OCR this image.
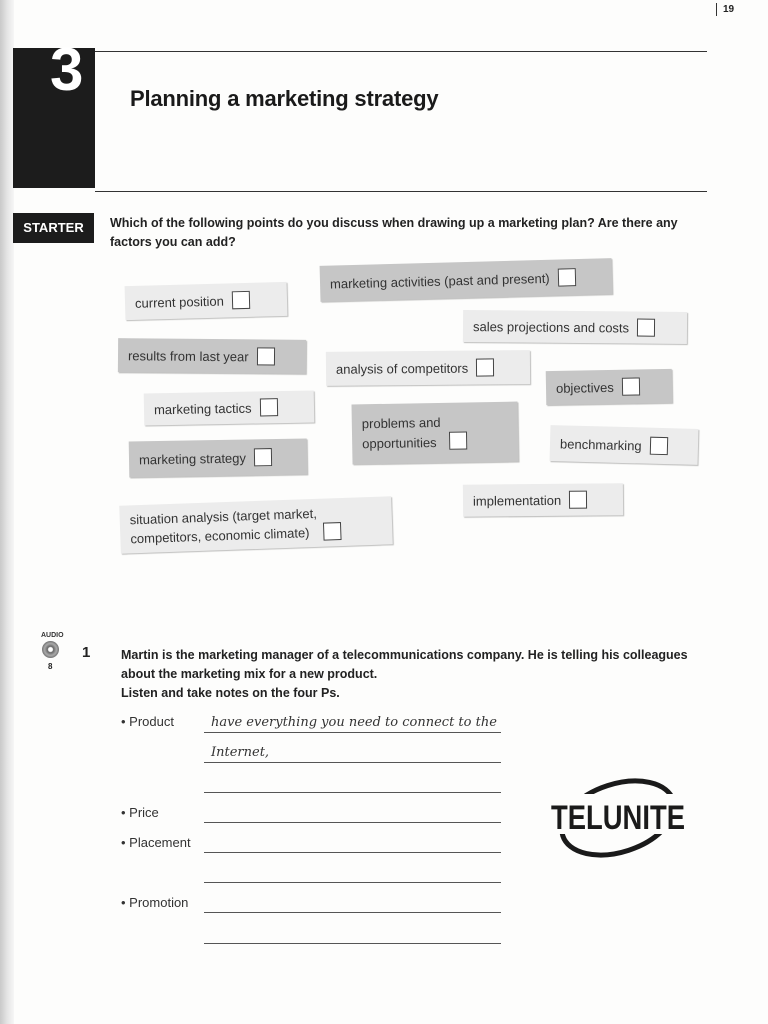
19
3 Planning a marketing strategy
STARTER	Which of the following points do you discuss when drawing up a marketing plan? Are there any
factors you can add?
current position
marketing activities (past and present)
sales projections and costs
results from last year
analysis of competitors
objectives
marketing tactics
problems and
opportunities	benchmarking
marketing strategy
implementation
situation analysis (target market,
competitors, economic climate)
AUDIO
8
1 Martin is the marketing manager of a telecommunications company. He is telling his colleagues
about the marketing mix for a new product.
Listen and take notes on the four Ps.
• Product
• Price
• Placement
• Promotion
have everything you need to connect to the
Internet,
TELUNITE
